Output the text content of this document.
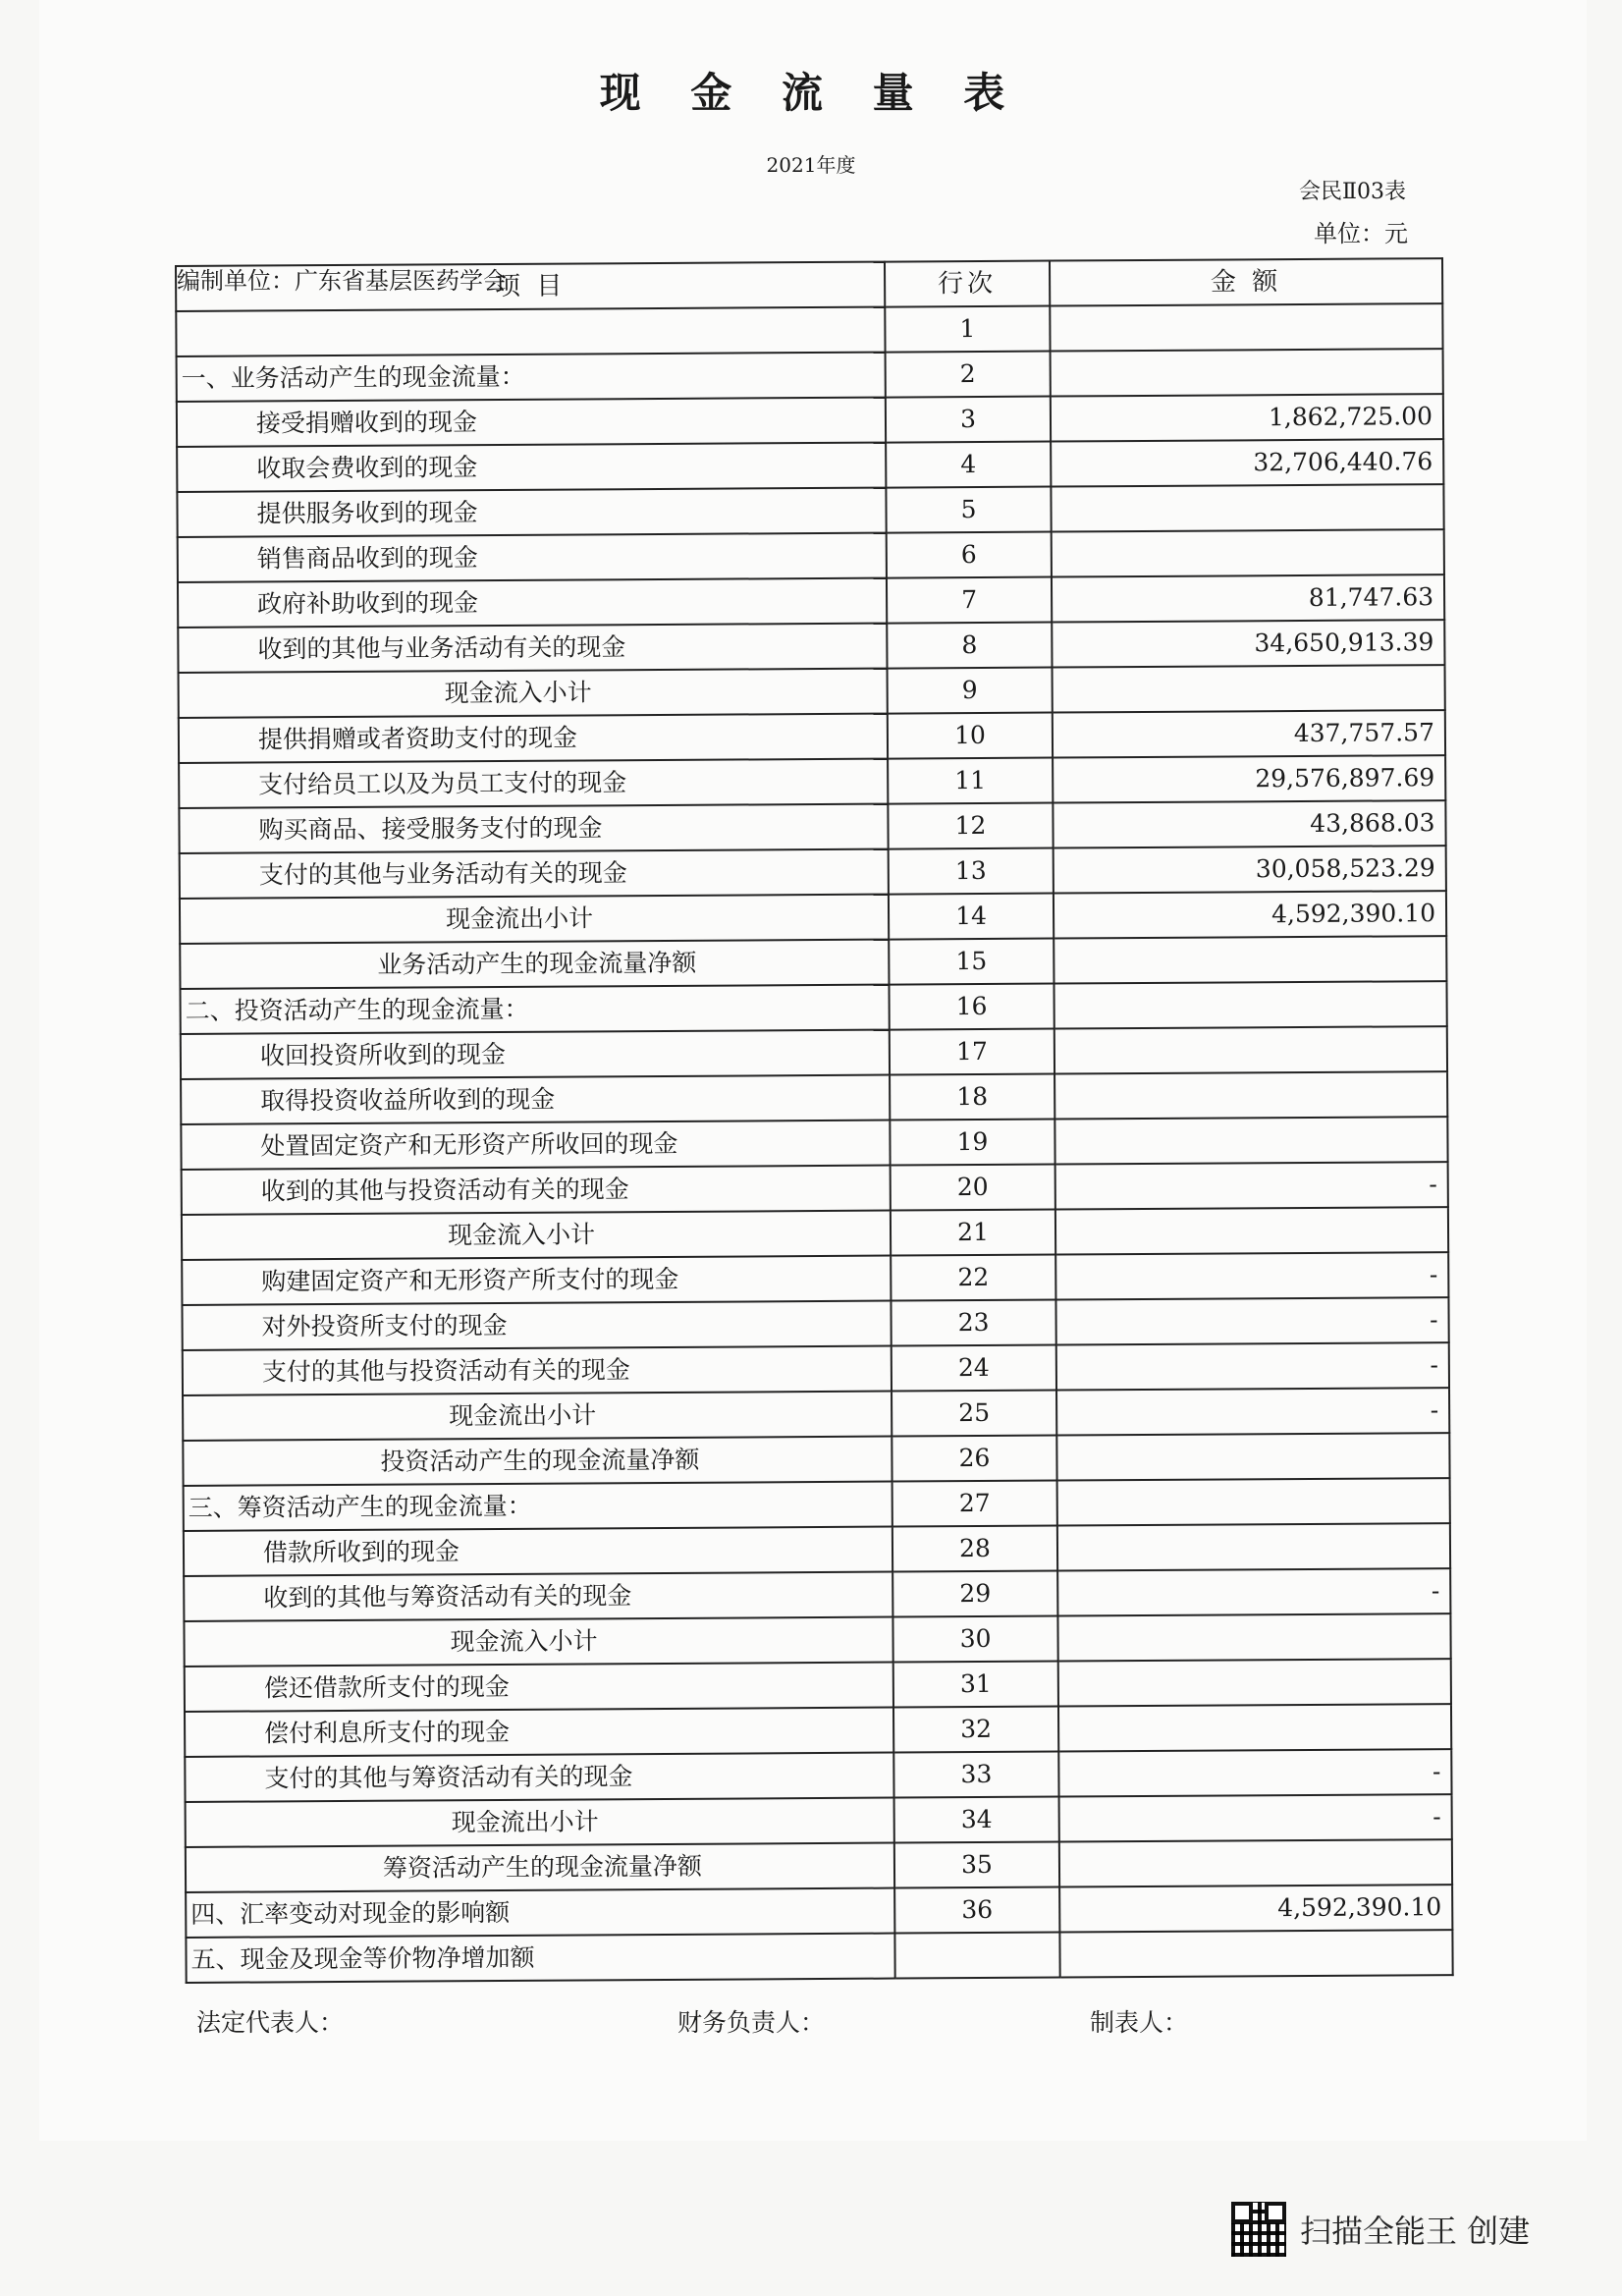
现 金 流 量 表
2021年度
会民Ⅱ03表
单位：元
编制单位：广东省基层医药学会
项 目	行次	金 额
	1	
一、业务活动产生的现金流量：	2	
接受捐赠收到的现金	3	1,862,725.00
收取会费收到的现金	4	32,706,440.76
提供服务收到的现金	5	
销售商品收到的现金	6	
政府补助收到的现金	7	81,747.63
收到的其他与业务活动有关的现金	8	34,650,913.39
现金流入小计	9	
提供捐赠或者资助支付的现金	10	437,757.57
支付给员工以及为员工支付的现金	11	29,576,897.69
购买商品、接受服务支付的现金	12	43,868.03
支付的其他与业务活动有关的现金	13	30,058,523.29
现金流出小计	14	4,592,390.10
业务活动产生的现金流量净额	15	
二、投资活动产生的现金流量：	16	
收回投资所收到的现金	17	
取得投资收益所收到的现金	18	
处置固定资产和无形资产所收回的现金	19	
收到的其他与投资活动有关的现金	20	-
现金流入小计	21	
购建固定资产和无形资产所支付的现金	22	-
对外投资所支付的现金	23	-
支付的其他与投资活动有关的现金	24	-
现金流出小计	25	-
投资活动产生的现金流量净额	26	
三、筹资活动产生的现金流量：	27	
借款所收到的现金	28	
收到的其他与筹资活动有关的现金	29	-
现金流入小计	30	
偿还借款所支付的现金	31	
偿付利息所支付的现金	32	
支付的其他与筹资活动有关的现金	33	-
现金流出小计	34	-
筹资活动产生的现金流量净额	35	
四、汇率变动对现金的影响额	36	4,592,390.10
五、现金及现金等价物净增加额		
法定代表人：	财务负责人：	制表人：
扫描全能王 创建
